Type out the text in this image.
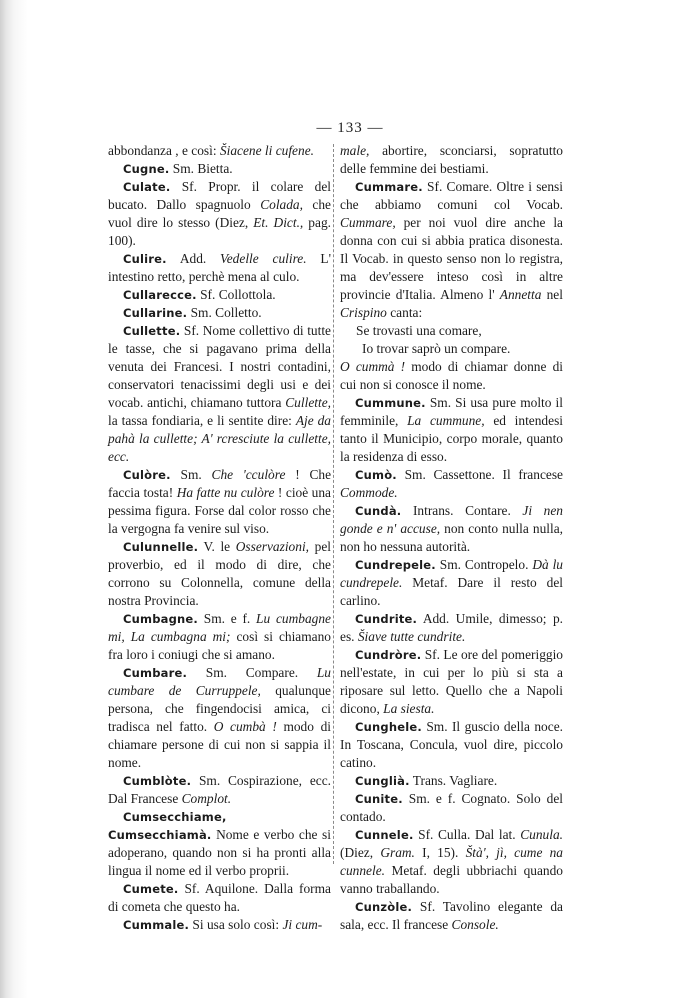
— 133 —

abbondanza , e così: Šiacene li cufene.

Cugne. Sm. Bietta.

Culate. Sf. Propr. il colare del bucato. Dallo spagnuolo Colada, che vuol dire lo stesso (Diez, Et. Dict., pag. 100).

Culire. Add. Vedelle culire. L' intestino retto, perchè mena al culo.

Cullarecce. Sf. Collottola.

Cullarine. Sm. Colletto.

Cullette. Sf. Nome collettivo di tutte le tasse, che si pagavano prima della venuta dei Francesi. I nostri contadini, conservatori tenacissimi degli usi e dei vocab. antichi, chiamano tuttora Cullette, la tassa fondiaria, e li sentite dire: Aje da pahà la cullette; A' rcresciute la cullette, ecc.

Culòre. Sm. Che 'cculòre ! Che faccia tosta! Ha fatte nu culòre ! cioè una pessima figura. Forse dal color rosso che la vergogna fa venire sul viso.

Culunnelle. V. le Osservazioni, pel proverbio, ed il modo di dire, che corrono su Colonnella, comune della nostra Provincia.

Cumbagne. Sm. e f. Lu cumbagne mi, La cumbagna mi; così si chiamano fra loro i coniugi che si amano.

Cumbare. Sm. Compare. Lu cumbare de Curruppele, qualunque persona, che fingendocisi amica, ci tradisca nel fatto. O cumbà ! modo di chiamare persone di cui non si sappia il nome.

Cumblòte. Sm. Cospirazione, ecc. Dal Francese Complot.

Cumsecchiame, Cumsecchiamà. Nome e verbo che si adoperano, quando non si ha pronti alla lingua il nome ed il verbo proprii.

Cumete. Sf. Aquilone. Dalla forma di cometa che questo ha.

Cummale. Si usa solo così: Ji cum-

male, abortire, sconciarsi, sopratutto delle femmine dei bestiami.

Cummare. Sf. Comare. Oltre i sensi che abbiamo comuni col Vocab. Cummare, per noi vuol dire anche la donna con cui si abbia pratica disonesta. Il Vocab. in questo senso non lo registra, ma dev'essere inteso così in altre provincie d'Italia. Almeno l' Annetta nel Crispino canta:

Se trovasti una comare,

Io trovar saprò un compare.

O cummà ! modo di chiamar donne di cui non si conosce il nome.

Cummune. Sm. Si usa pure molto il femminile, La cummune, ed intendesi tanto il Municipio, corpo morale, quanto la residenza di esso.

Cumò. Sm. Cassettone. Il francese Commode.

Cundà. Intrans. Contare. Ji nen gonde e n' accuse, non conto nulla nulla, non ho nessuna autorità.

Cundrepele. Sm. Contropelo. Dà lu cundrepele. Metaf. Dare il resto del carlino.

Cundrite. Add. Umile, dimesso; p. es. Šiave tutte cundrite.

Cundròre. Sf. Le ore del pomeriggio nell'estate, in cui per lo più si sta a riposare sul letto. Quello che a Napoli dicono, La siesta.

Cunghele. Sm. Il guscio della noce. In Toscana, Concula, vuol dire, piccolo catino.

Cunglià. Trans. Vagliare.

Cunite. Sm. e f. Cognato. Solo del contado.

Cunnele. Sf. Culla. Dal lat. Cunula. (Diez, Gram. I, 15). Štà', jì, cume na cunnele. Metaf. degli ubbriachi quando vanno traballando.

Cunzòle. Sf. Tavolino elegante da sala, ecc. Il francese Console.
